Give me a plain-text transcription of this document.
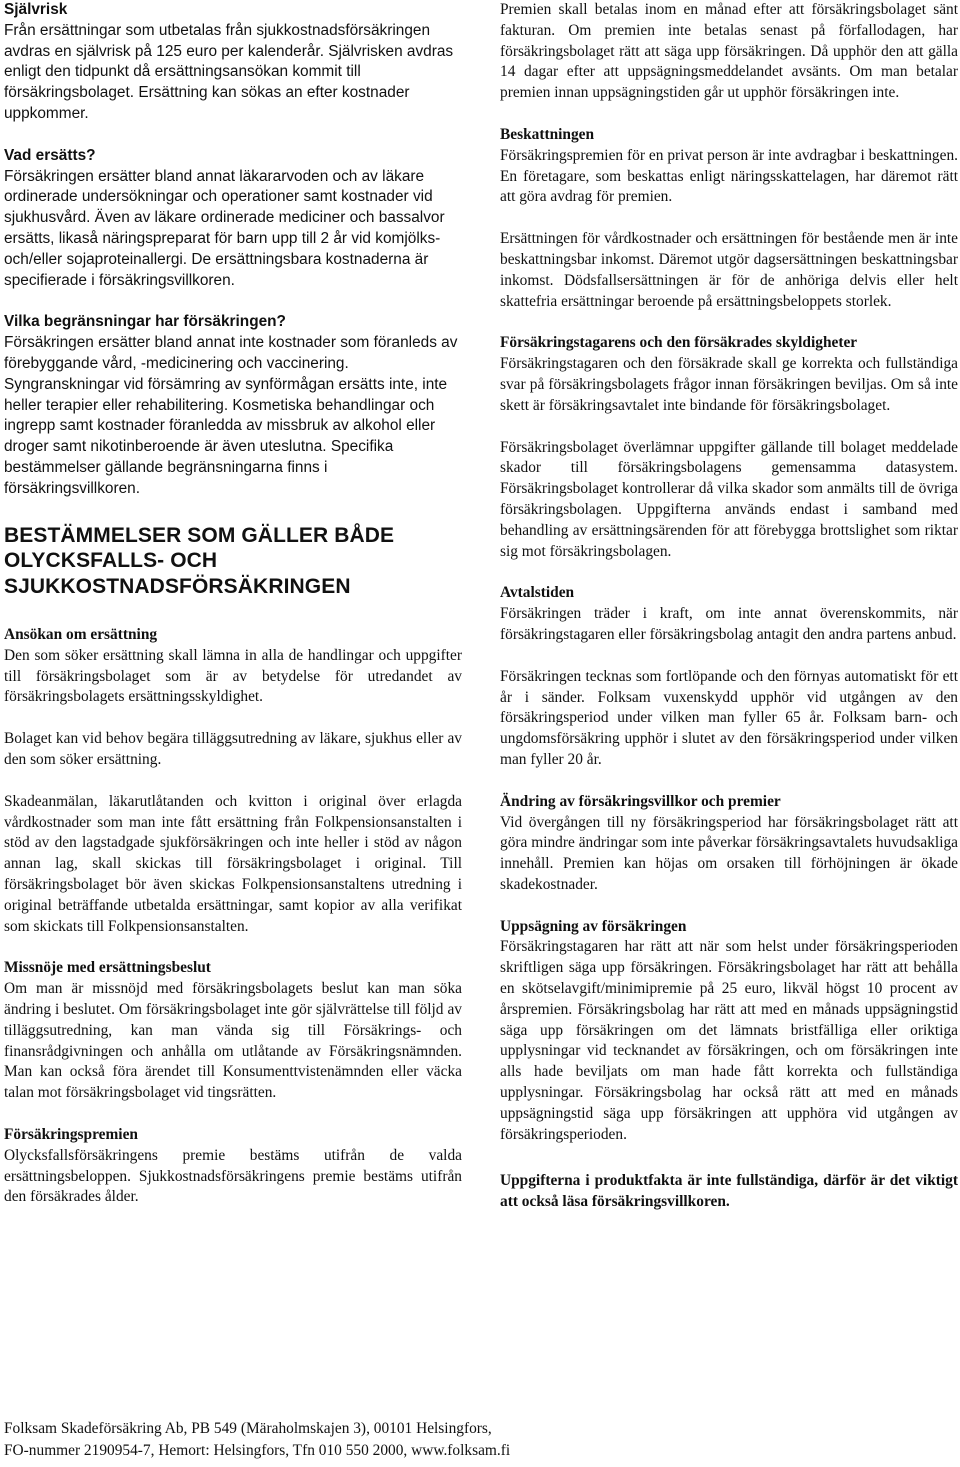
Självrisk

Från ersättningar som utbetalas från sjukkostnadsförsäkringen avdras en självrisk på 125 euro per kalenderår. Självrisken avdras enligt den tidpunkt då ersättningsansökan kommit till försäkringsbolaget. Ersättning kan sökas an efter kostnader uppkommer.

Vad ersätts?

Försäkringen ersätter bland annat läkararvoden och av läkare ordinerade undersökningar och operationer samt kostnader vid sjukhusvård. Även av läkare ordinerade mediciner och bassalvor ersätts, likaså näringspreparat för barn upp till 2 år vid komjölks- och/eller sojaproteinallergi. De ersättningsbara kostnaderna är specifierade i försäkringsvillkoren.

Vilka begränsningar har försäkringen?

Försäkringen ersätter bland annat inte kostnader som föranleds av förebyggande vård, -medicinering och vaccinering. Syngranskningar vid försämring av synförmågan ersätts inte, inte heller terapier eller rehabilitering. Kosmetiska behandlingar och ingrepp samt kostnader föranledda av missbruk av alkohol eller droger samt nikotinberoende är även uteslutna. Specifika bestämmelser gällande begränsningarna finns i försäkringsvillkoren.

BESTÄMMELSER SOM GÄLLER BÅDE OLYCKSFALLS- OCH SJUKKOSTNADSFÖRSÄKRINGEN
Ansökan om ersättning

Den som söker ersättning skall lämna in alla de handlingar och uppgifter till försäkringsbolaget som är av betydelse för utredandet av försäkringsbolagets ersättningsskyldighet.

Bolaget kan vid behov begära tilläggsutredning av läkare, sjukhus eller av den som söker ersättning.

Skadeanmälan, läkarutlåtanden och kvitton i original över erlagda vårdkostnader som man inte fått ersättning från Folkpensionsanstalten i stöd av den lagstadgade sjukförsäkringen och inte heller i stöd av någon annan lag, skall skickas till försäkringsbolaget i original. Till försäkringsbolaget bör även skickas Folkpensionsanstaltens utredning i original beträffande utbetalda ersättningar, samt kopior av alla verifikat som skickats till Folkpensionsanstalten.

Missnöje med ersättningsbeslut

Om man är missnöjd med försäkringsbolagets beslut kan man söka ändring i beslutet. Om försäkringsbolaget inte gör självrättelse till följd av tilläggsutredning, kan man vända sig till Försäkrings- och finansrådgivningen och anhålla om utlåtande av Försäkringsnämnden. Man kan också föra ärendet till Konsumenttvistenämnden eller väcka talan mot försäkringsbolaget vid tingsrätten.

Försäkringspremien

Olycksfallsförsäkringens premie bestäms utifrån de valda ersättningsbeloppen. Sjukkostnadsförsäkringens premie bestäms utifrån den försäkrades ålder.

Premien skall betalas inom en månad efter att försäkringsbolaget sänt fakturan. Om premien inte betalas senast på förfallodagen, har försäkringsbolaget rätt att säga upp försäkringen. Då upphör den att gälla 14 dagar efter att uppsägningsmeddelandet avsänts. Om man betalar premien innan uppsägningstiden går ut upphör försäkringen inte.

Beskattningen

Försäkringspremien för en privat person är inte avdragbar i beskattningen. En företagare, som beskattas enligt näringsskattelagen, har däremot rätt att göra avdrag för premien.

Ersättningen för vårdkostnader och ersättningen för bestående men är inte beskattningsbar inkomst. Däremot utgör dagsersättningen beskattningsbar inkomst. Dödsfallsersättningen är för de anhöriga delvis eller helt skattefria ersättningar beroende på ersättningsbeloppets storlek.

Försäkringstagarens och den försäkrades skyldigheter

Försäkringstagaren och den försäkrade skall ge korrekta och fullständiga svar på försäkringsbolagets frågor innan försäkringen beviljas. Om så inte skett är försäkringsavtalet inte bindande för försäkringsbolaget.

Försäkringsbolaget överlämnar uppgifter gällande till bolaget meddelade skador till försäkringsbolagens gemensamma datasystem. Försäkringsbolaget kontrollerar då vilka skador som anmälts till de övriga försäkringsbolagen. Uppgifterna används endast i samband med behandling av ersättningsärenden för att förebygga brottslighet som riktar sig mot försäkringsbolagen.

Avtalstiden

Försäkringen träder i kraft, om inte annat överenskommits, när försäkringstagaren eller försäkringsbolag antagit den andra partens anbud.

Försäkringen tecknas som fortlöpande och den förnyas automatiskt för ett år i sänder. Folksam vuxenskydd upphör vid utgången av den försäkringsperiod under vilken man fyller 65 år. Folksam barn- och ungdomsförsäkring upphör i slutet av den försäkringsperiod under vilken man fyller 20 år.

Ändring av försäkringsvillkor och premier

Vid övergången till ny försäkringsperiod har försäkringsbolaget rätt att göra mindre ändringar som inte påverkar försäkringsavtalets huvudsakliga innehåll. Premien kan höjas om orsaken till förhöjningen är ökade skadekostnader.

Uppsägning av försäkringen

Försäkringstagaren har rätt att när som helst under försäkringsperioden skriftligen säga upp försäkringen. Försäkringsbolaget har rätt att behålla en skötselavgift/minimipremie på 25 euro, likväl högst 10 procent av årspremien. Försäkringsbolag har rätt att med en månads uppsägningstid säga upp försäkringen om det lämnats bristfälliga eller oriktiga upplysningar vid tecknandet av försäkringen, och om försäkringen inte alls hade beviljats om man hade fått korrekta och fullständiga upplysningar. Försäkringsbolag har också rätt att med en månads uppsägningstid säga upp försäkringen att upphöra vid utgången av försäkringsperioden.

Uppgifterna i produktfakta är inte fullständiga, därför är det viktigt att också läsa försäkringsvillkoren.

Folksam Skadeförsäkring Ab, PB 549 (Märaholmskajen 3), 00101 Helsingfors,

FO-nummer 2190954-7, Hemort: Helsingfors, Tfn 010 550 2000, www.folksam.fi
